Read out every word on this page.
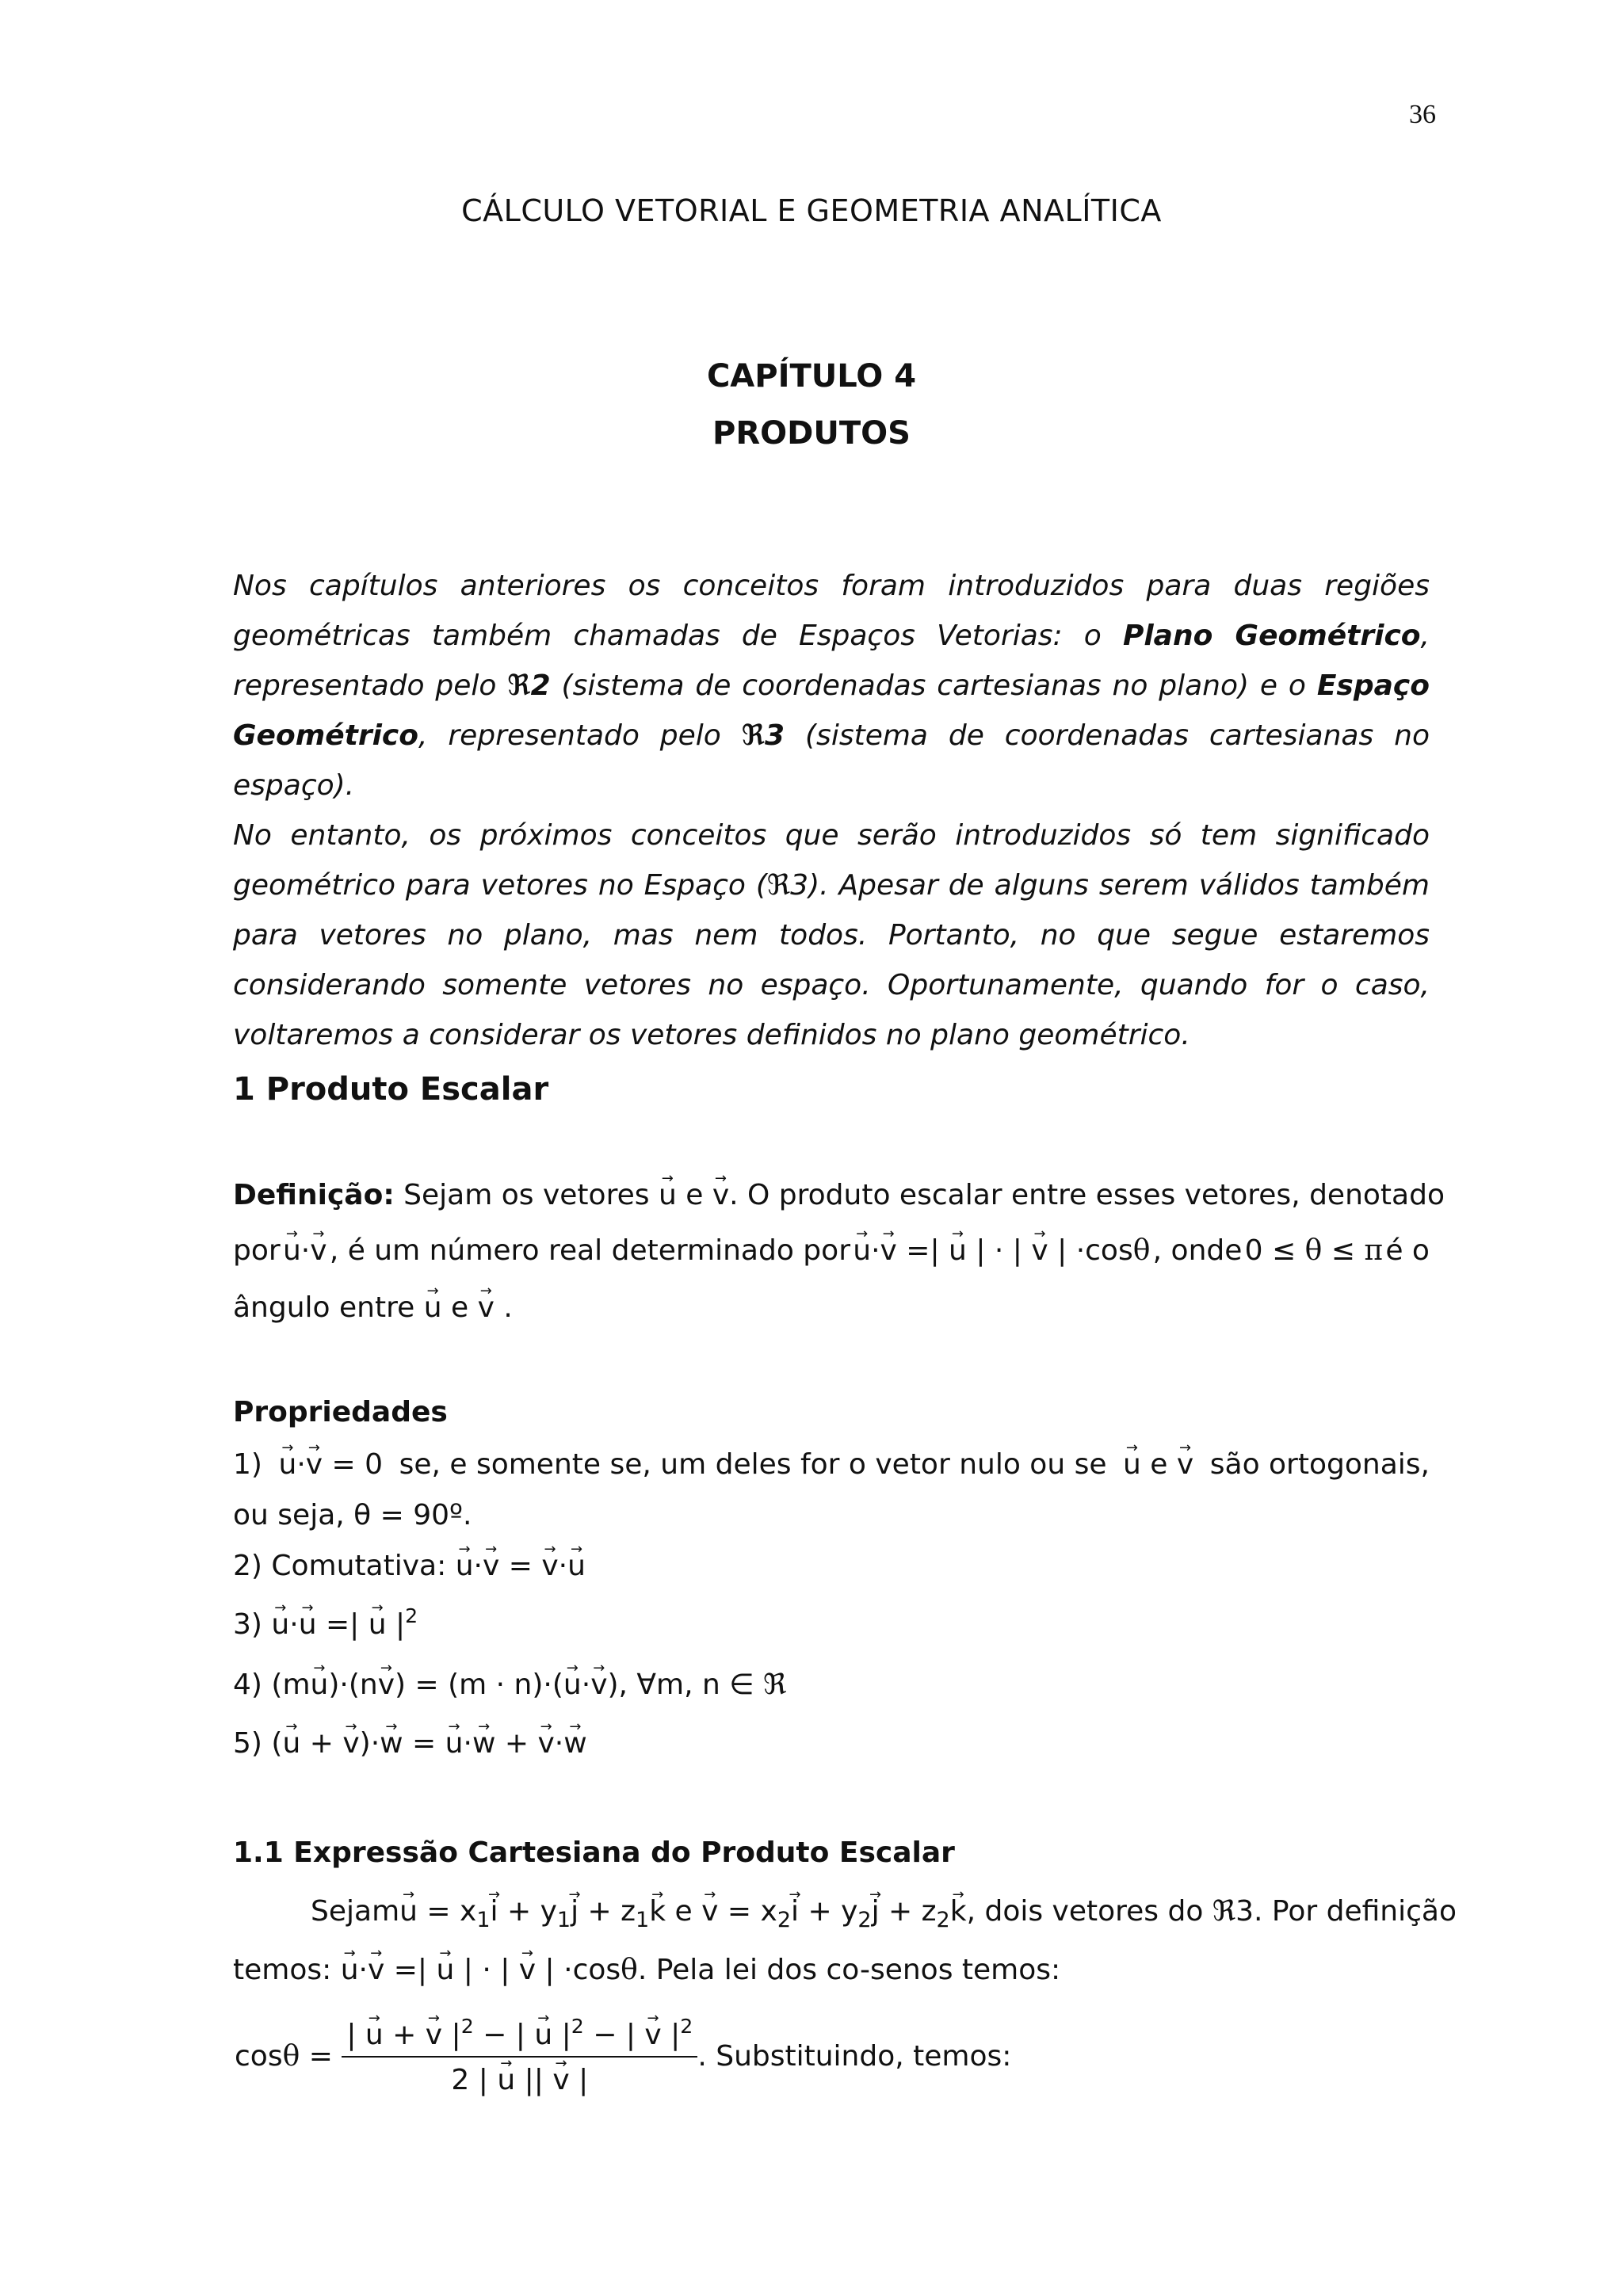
36
CÁLCULO VETORIAL E GEOMETRIA ANALÍTICA
CAPÍTULO 4
PRODUTOS

Nos capítulos anteriores os conceitos foram introduzidos para duas regiões

geométricas também chamadas de Espaços Vetorias: o Plano Geométrico,

representado pelo ℜ2 (sistema de coordenadas cartesianas no plano) e o Espaço

Geométrico, representado pelo ℜ3 (sistema de coordenadas cartesianas no espaço).

No entanto, os próximos conceitos que serão introduzidos só tem significado

geométrico para vetores no Espaço (ℜ3). Apesar de alguns serem válidos também

para vetores no plano, mas nem todos. Portanto, no que segue estaremos

considerando somente vetores no espaço. Oportunamente, quando for o caso,

voltaremos a considerar os vetores definidos no plano geométrico.

1 Produto Escalar
Definição: Sejam os vetores → u e → v. O produto escalar entre esses vetores, denotado
por → u·→ v , é um número real determinado por → u·→ v =| → u | · | → v | ·cosθ , onde 0 ≤ θ ≤ π é o
ângulo entre → u e → v .
Propriedades
1) → u·→ v = 0 se, e somente se, um deles for o vetor nulo ou se → u e → v são ortogonais,
ou seja, θ = 90º.
2) Comutativa: → u·→ v = → v·→ u
3) → u·→ u =| → u $|^2$
4) (m→ u)·(n→ v) = (m · n)·(→ u·→ v), ∀m, n ∈ ℜ
5) (→ u + → v)·→ w = → u·→ w + → v·→ w
1.1 Expressão Cartesiana do Produto Escalar
Sejam → $u = x_1\to i + y_1\to j + z_1\to k$ $e \to v = x_2\to i + y_2\to j + z_2\to k$ , dois vetores do ℜ3. Por definição
temos: → u·→ v =| → u | · | → v | ·cosθ. Pela lei dos co-senos temos:
$\cos\theta = \frac{| \to u + \to v |^2 - | \to u |^2 - | \to v |^2}{2 | \to u || \to v |}$ . Substituindo, temos:
